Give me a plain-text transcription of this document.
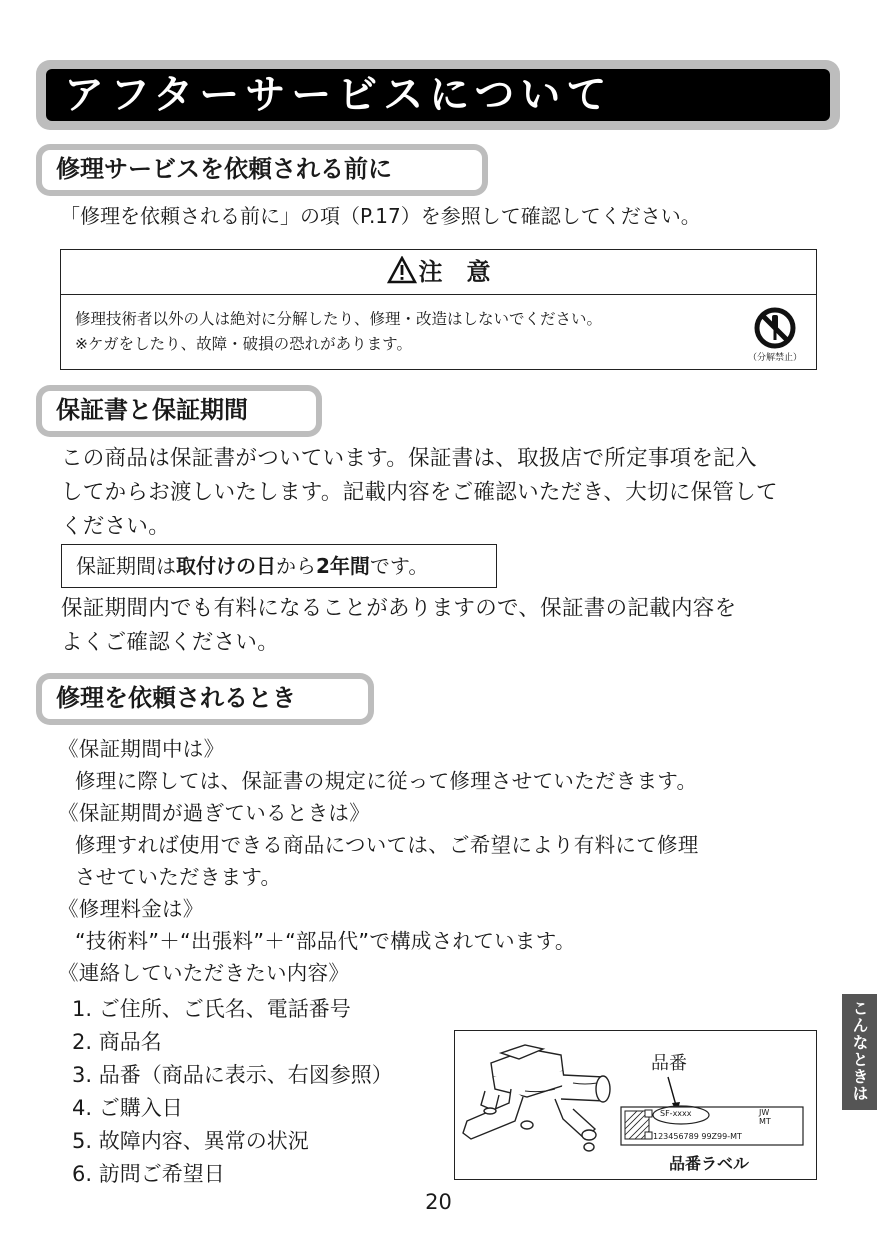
アフターサービスについて
修理サービスを依頼される前に
「修理を依頼される前に」の項（P.17）を参照して確認してください。
注　意
修理技術者以外の人は絶対に分解したり、修理・改造はしないでください。
※ケガをしたり、故障・破損の恐れがあります。
（分解禁止）
保証書と保証期間
この商品は保証書がついています。保証書は、取扱店で所定事項を記入
してからお渡しいたします。記載内容をご確認いただき、大切に保管して
ください。
保証期間は取付けの日から2年間です。
保証期間内でも有料になることがありますので、保証書の記載内容を
よくご確認ください。
修理を依頼されるとき
《保証期間中は》
修理に際しては、保証書の規定に従って修理させていただきます。
《保証期間が過ぎているときは》
修理すれば使用できる商品については、ご希望により有料にて修理
させていただきます。
《修理料金は》
“技術料”＋“出張料”＋“部品代”で構成されています。
《連絡していただきたい内容》
1. ご住所、ご氏名、電話番号
2. 商品名
3. 品番（商品に表示、右図参照）
4. ご購入日
5. 故障内容、異常の状況
6. 訪問ご希望日
品番
SF-xxxx	JW
MT
123456789 99Z99-MT
品番ラベル
こんなときは
20
